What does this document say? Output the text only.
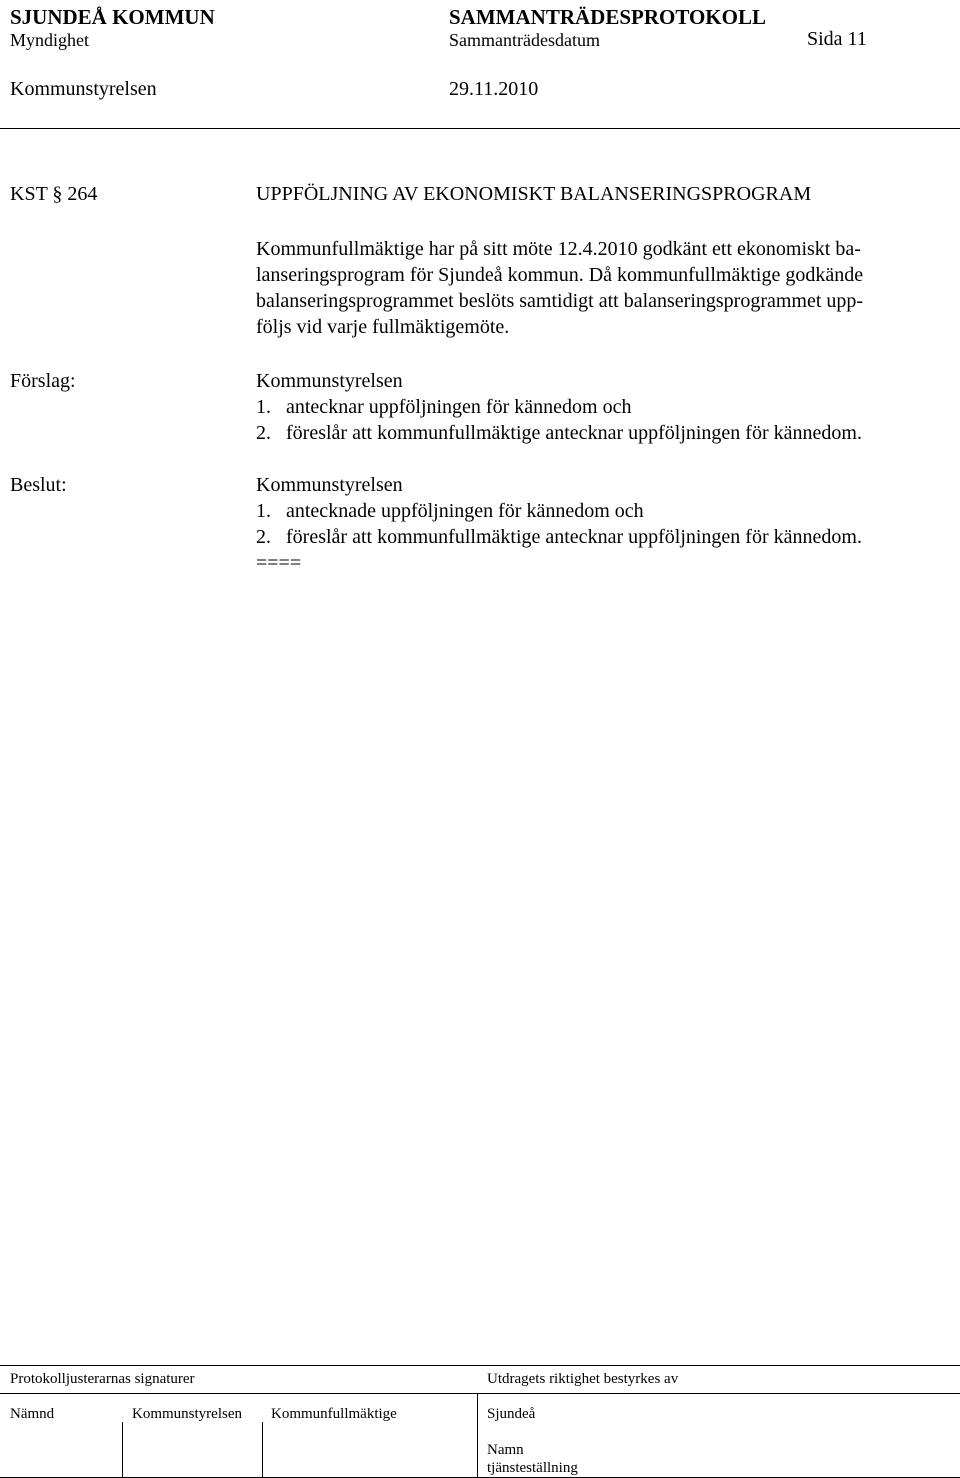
SJUNDEÅ KOMMUN	SAMMANTRÄDESPROTOKOLL
Myndighet	Sammanträdesdatum	Sida 11
Kommunstyrelsen	29.11.2010
KST § 264	UPPFÖLJNING AV EKONOMISKT BALANSERINGSPROGRAM
Kommunfullmäktige har på sitt möte 12.4.2010 godkänt ett ekonomiskt ba-
lanseringsprogram för Sjundeå kommun. Då kommunfullmäktige godkände
balanseringsprogrammet beslöts samtidigt att balanseringsprogrammet upp-
följs vid varje fullmäktigemöte.
Förslag:	Kommunstyrelsen
1. antecknar uppföljningen för kännedom och
2. föreslår att kommunfullmäktige antecknar uppföljningen för kännedom.
Beslut:	Kommunstyrelsen
1. antecknade uppföljningen för kännedom och
2. föreslår att kommunfullmäktige antecknar uppföljningen för kännedom.
====
Protokolljusterarnas signaturer	Utdragets riktighet bestyrkes av
Nämnd	Kommunstyrelsen Kommunfullmäktige	Sjundeå
Namn
tjänsteställning
